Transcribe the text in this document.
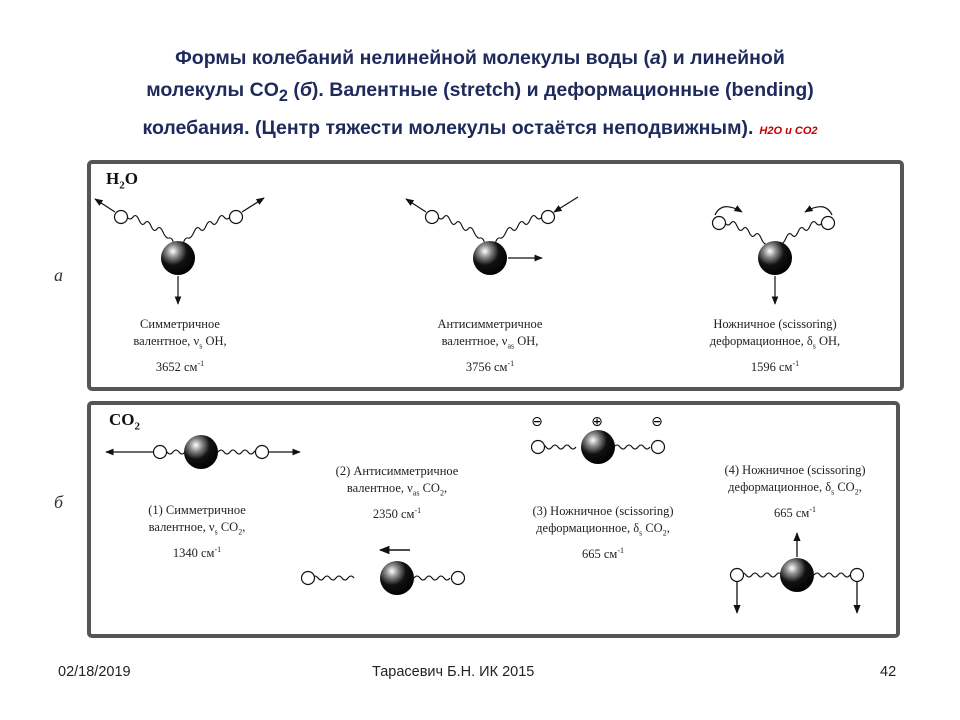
Формы колебаний нелинейной молекулы воды (а) и линейной
молекулы $CO_2$ (б). Валентные (stretch) и деформационные (bending)
колебания. (Центр тяжести молекулы остаётся неподвижным). H2O и CO2
⊖	⊕	⊖
а
б
$H_2O$
$CO_2$
Симметричное
валентное, $\nu_s$ OH,
3652 $см^{-1}$
Антисимметричное
валентное, $\nu_{as}$ OH,
3756 $см^{-1}$
Ножничное (scissoring)
деформационное, $\delta_s$ OH,
1596 $см^{-1}$
(1) Симметричное
валентное, $\nu_s$ $CO_2$,
1340 $см^{-1}$
(2) Антисимметричное
валентное, $\nu_{as}$ $CO_2$,
2350 $см^{-1}$	(3) Ножничное (scissoring)
деформационное, $\delta_s$ $CO_2$,
665 $см^{-1}$
(4) Ножничное (scissoring)
деформационное, $\delta_s$ $CO_2$,
665 $см^{-1}$
02/18/2019	Тарасевич Б.Н. ИК 2015	42
